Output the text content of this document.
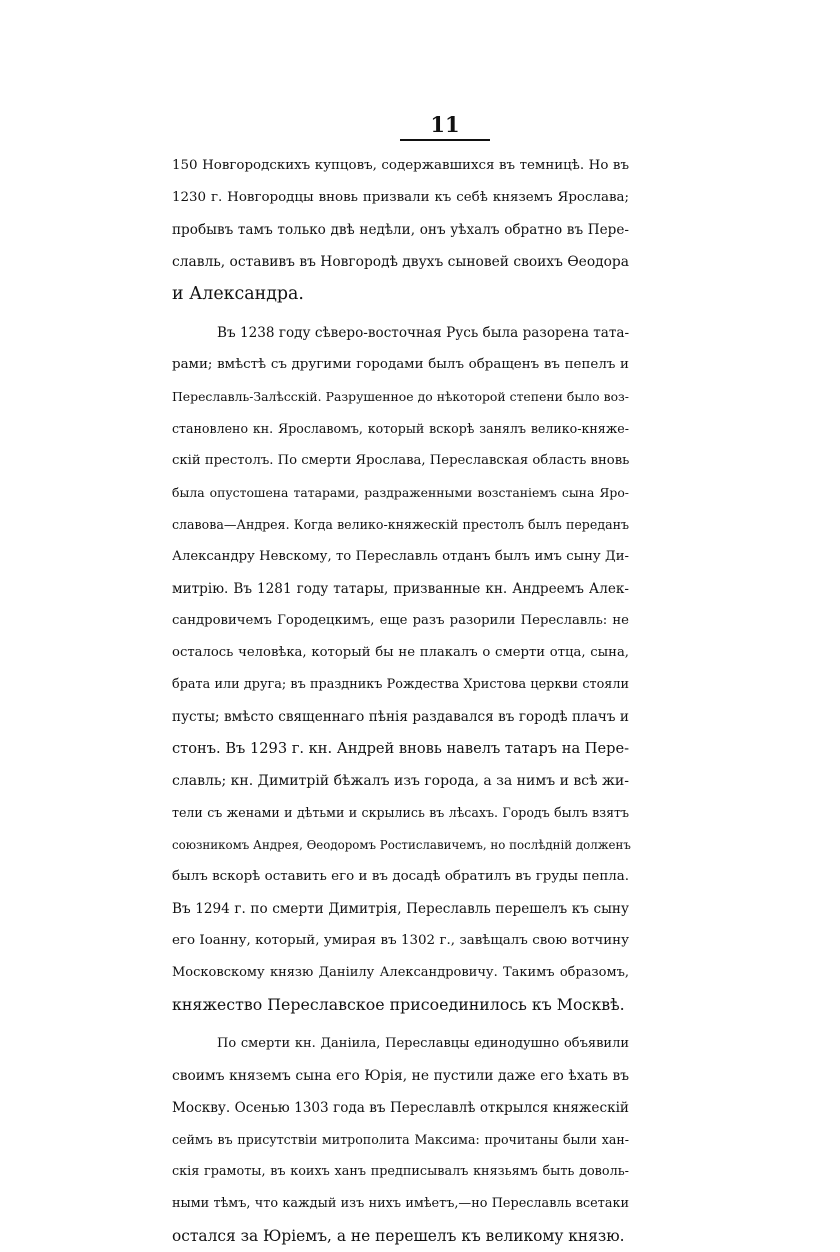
11
150 Новгородскихъ купцовъ, содержавшихся въ темницѣ. Но въ
1230 г. Новгородцы вновь призвали къ себѣ княземъ Ярослава;
пробывъ тамъ только двѣ недѣли, онъ уѣхалъ обратно въ Пере-
славль, оставивъ въ Новгородѣ двухъ сыновей своихъ Ѳеодора
и Александра.
Въ 1238 году сѣверо-восточная Русь была разорена тата-
рами; вмѣстѣ съ другими городами былъ обращенъ въ пепелъ и
Переславль-Залѣсскій. Разрушенное до нѣкоторой степени было воз-
становлено кн. Ярославомъ, который вскорѣ занялъ велико-княже-
скій престолъ. По смерти Ярослава, Переславская область вновь
была опустошена татарами, раздраженными возстаніемъ сына Яро-
славова—Андрея. Когда велико-княжескій престолъ былъ переданъ
Александру Невскому, то Переславль отданъ былъ имъ сыну Ди-
митрію. Въ 1281 году татары, призванные кн. Андреемъ Алек-
сандровичемъ Городецкимъ, еще разъ разорили Переславль: не
осталось человѣка, который бы не плакалъ о смерти отца, сына,
брата или друга; въ праздникъ Рождества Христова церкви стояли
пусты; вмѣсто священнаго пѣнія раздавался въ городѣ плачъ и
стонъ. Въ 1293 г. кн. Андрей вновь навелъ татаръ на Пере-
славль; кн. Димитрій бѣжалъ изъ города, а за нимъ и всѣ жи-
тели съ женами и дѣтьми и скрылись въ лѣсахъ. Городъ былъ взятъ
союзникомъ Андрея, Ѳеодоромъ Ростиславичемъ, но послѣдній долженъ
былъ вскорѣ оставить его и въ досадѣ обратилъ въ груды пепла.
Въ 1294 г. по смерти Димитрія, Переславль перешелъ къ сыну
его Іоанну, который, умирая въ 1302 г., завѣщалъ свою вотчину
Московскому князю Даніилу Александровичу. Такимъ образомъ,
княжество Переславское присоединилось къ Москвѣ.
По смерти кн. Даніила, Переславцы единодушно объявили
своимъ княземъ сына его Юрія, не пустили даже его ѣхать въ
Москву. Осенью 1303 года въ Переславлѣ открылся княжескій
сеймъ въ присутствіи митрополита Максима: прочитаны были хан-
скія грамоты, въ коихъ ханъ предписывалъ князьямъ быть доволь-
ными тѣмъ, что каждый изъ нихъ имѣетъ,—но Переславль всетаки
остался за Юріемъ, а не перешелъ къ великому князю.
